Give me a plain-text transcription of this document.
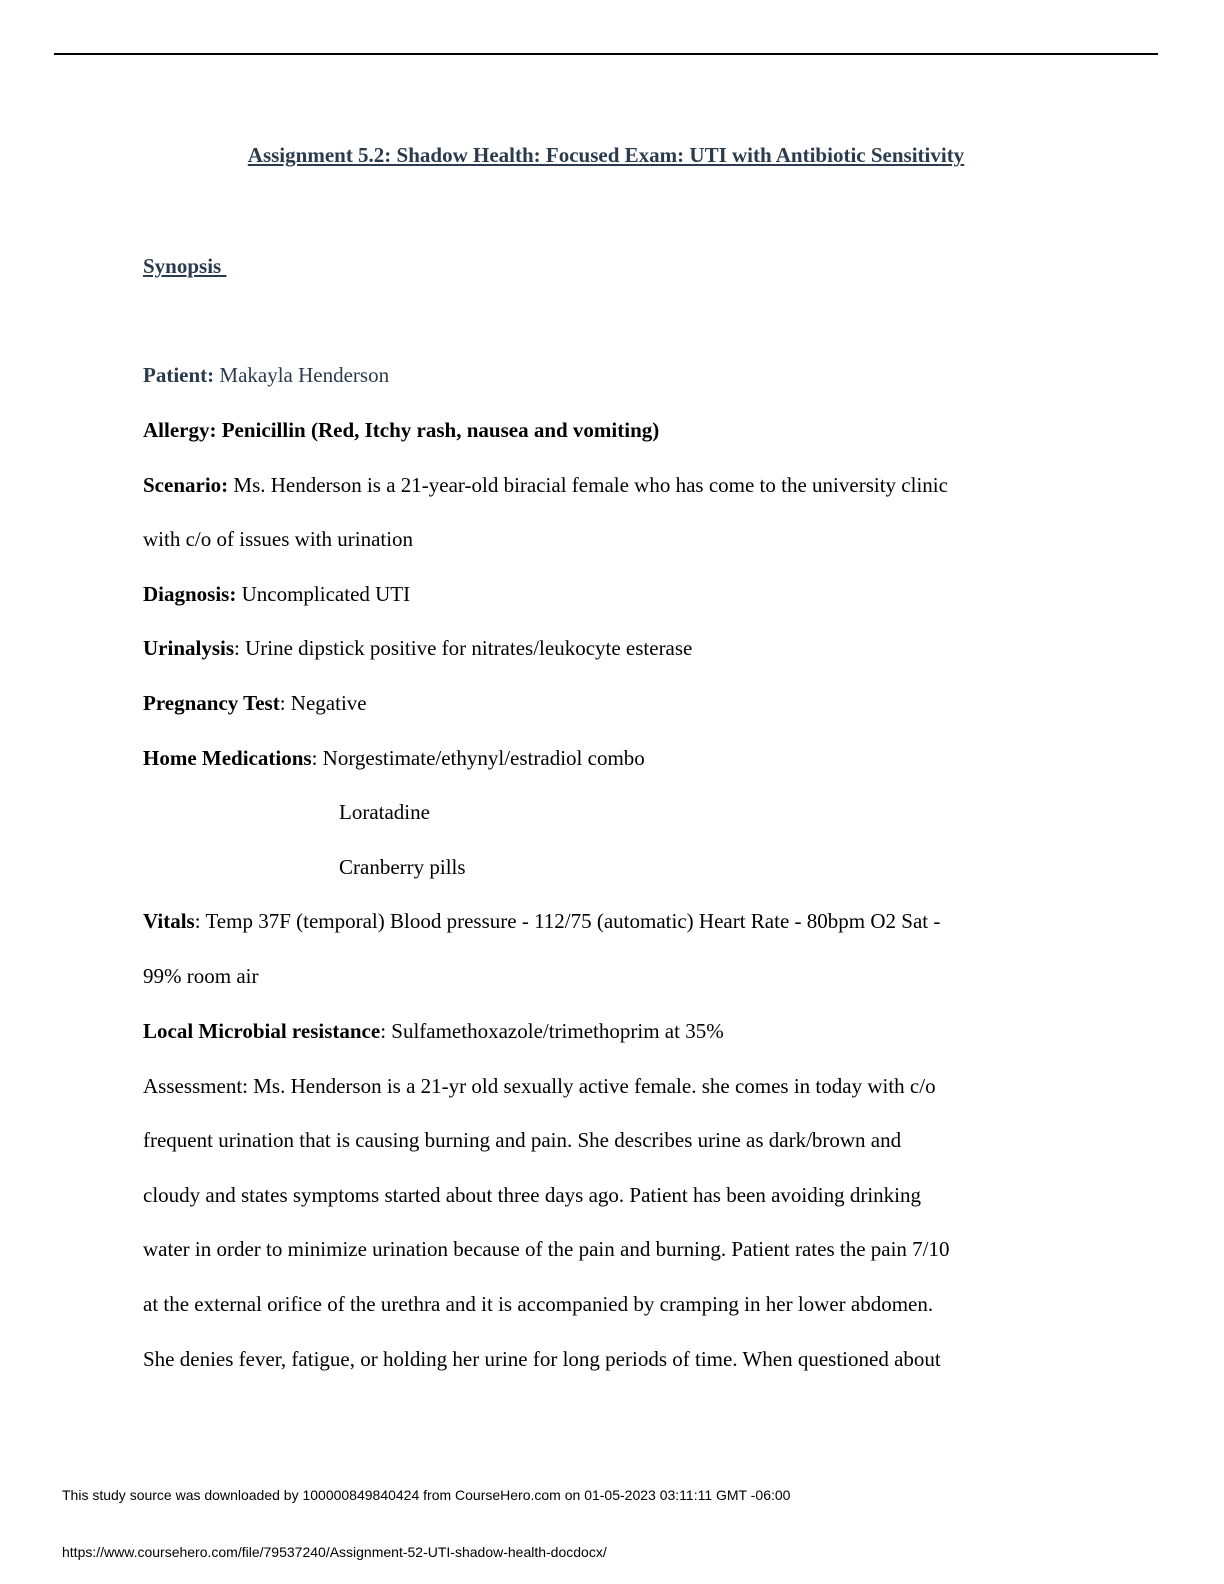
Assignment 5.2: Shadow Health: Focused Exam: UTI with Antibiotic Sensitivity
Synopsis
Patient: Makayla Henderson
Allergy: Penicillin (Red, Itchy rash, nausea and vomiting)
Scenario: Ms. Henderson is a 21-year-old biracial female who has come to the university clinic
with c/o of issues with urination
Diagnosis: Uncomplicated UTI
Urinalysis: Urine dipstick positive for nitrates/leukocyte esterase
Pregnancy Test: Negative
Home Medications: Norgestimate/ethynyl/estradiol combo
Loratadine
Cranberry pills
Vitals: Temp 37F (temporal) Blood pressure - 112/75 (automatic) Heart Rate - 80bpm O2 Sat -
99% room air
Local Microbial resistance: Sulfamethoxazole/trimethoprim at 35%
Assessment: Ms. Henderson is a 21-yr old sexually active female. she comes in today with c/o
frequent urination that is causing burning and pain. She describes urine as dark/brown and
cloudy and states symptoms started about three days ago. Patient has been avoiding drinking
water in order to minimize urination because of the pain and burning. Patient rates the pain 7/10
at the external orifice of the urethra and it is accompanied by cramping in her lower abdomen.
She denies fever, fatigue, or holding her urine for long periods of time. When questioned about
This study source was downloaded by 100000849840424 from CourseHero.com on 01-05-2023 03:11:11 GMT -06:00
https://www.coursehero.com/file/79537240/Assignment-52-UTI-shadow-health-docdocx/
